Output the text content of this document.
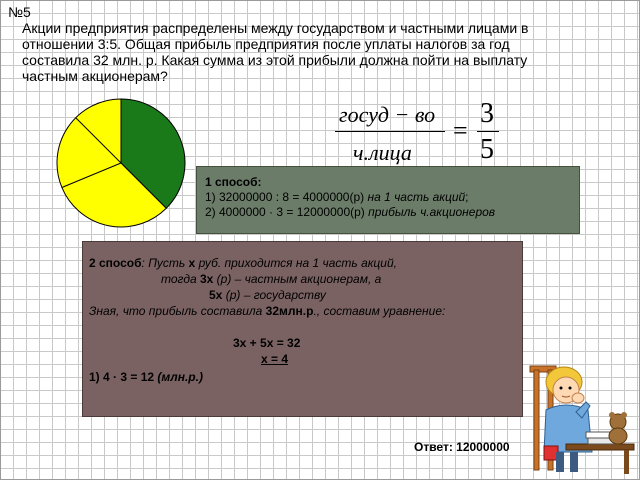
№5
Акции предприятия распределены между государством и частными лицами в
отношении 3:5. Общая прибыль предприятия после уплаты налогов за год
составила 32 млн. р. Какая сумма из этой прибыли должна пойти на выплату
частным акционерам?
госуд − во
ч.лица
=
3
5
1 способ:
1) 32000000 : 8 = 4000000(р) на 1 часть акций;
2) 4000000 · 3 = 12000000(р) прибыль ч.акционеров
2 способ: Пусть х руб. приходится на 1 часть акций,
тогда 3х (р) – частным акционерам, а
5х (р) – государству
Зная, что прибыль составила 32млн.р., составим уравнение:
3х + 5х = 32
х = 4
1) 4 · 3 = 12 (млн.р.)
Ответ: 12000000
